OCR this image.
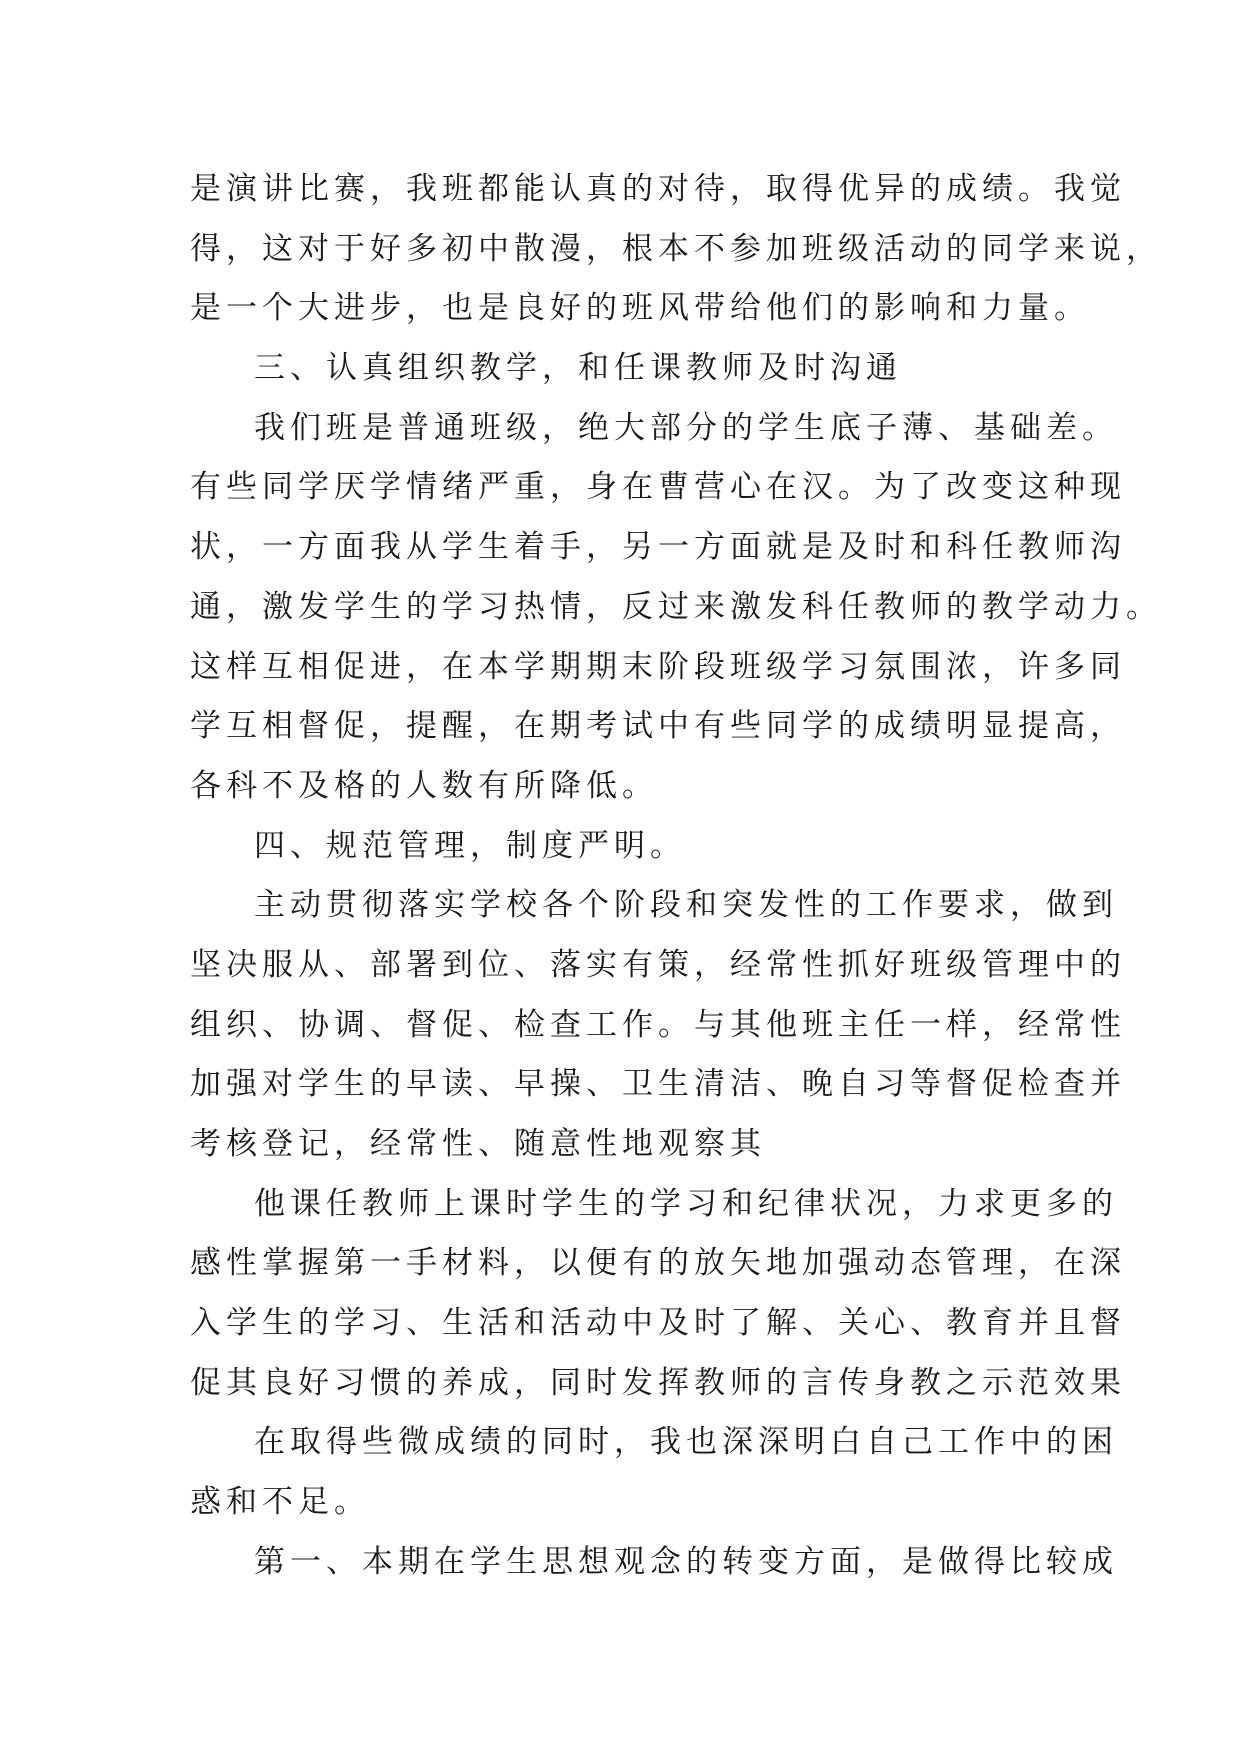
是演讲比赛，我班都能认真的对待，取得优异的成绩。我觉
得，这对于好多初中散漫，根本不参加班级活动的同学来说，
是一个大进步，也是良好的班风带给他们的影响和力量。
三、认真组织教学，和任课教师及时沟通
我们班是普通班级，绝大部分的学生底子薄、基础差。
有些同学厌学情绪严重，身在曹营心在汉。为了改变这种现
状，一方面我从学生着手，另一方面就是及时和科任教师沟
通，激发学生的学习热情，反过来激发科任教师的教学动力。
这样互相促进，在本学期期末阶段班级学习氛围浓，许多同
学互相督促，提醒，在期考试中有些同学的成绩明显提高，
各科不及格的人数有所降低。
四、规范管理，制度严明。
主动贯彻落实学校各个阶段和突发性的工作要求，做到
坚决服从、部署到位、落实有策，经常性抓好班级管理中的
组织、协调、督促、检查工作。与其他班主任一样，经常性
加强对学生的早读、早操、卫生清洁、晚自习等督促检查并
考核登记，经常性、随意性地观察其
他课任教师上课时学生的学习和纪律状况，力求更多的
感性掌握第一手材料，以便有的放矢地加强动态管理，在深
入学生的学习、生活和活动中及时了解、关心、教育并且督
促其良好习惯的养成，同时发挥教师的言传身教之示范效果
在取得些微成绩的同时，我也深深明白自己工作中的困
惑和不足。
第一、本期在学生思想观念的转变方面，是做得比较成
